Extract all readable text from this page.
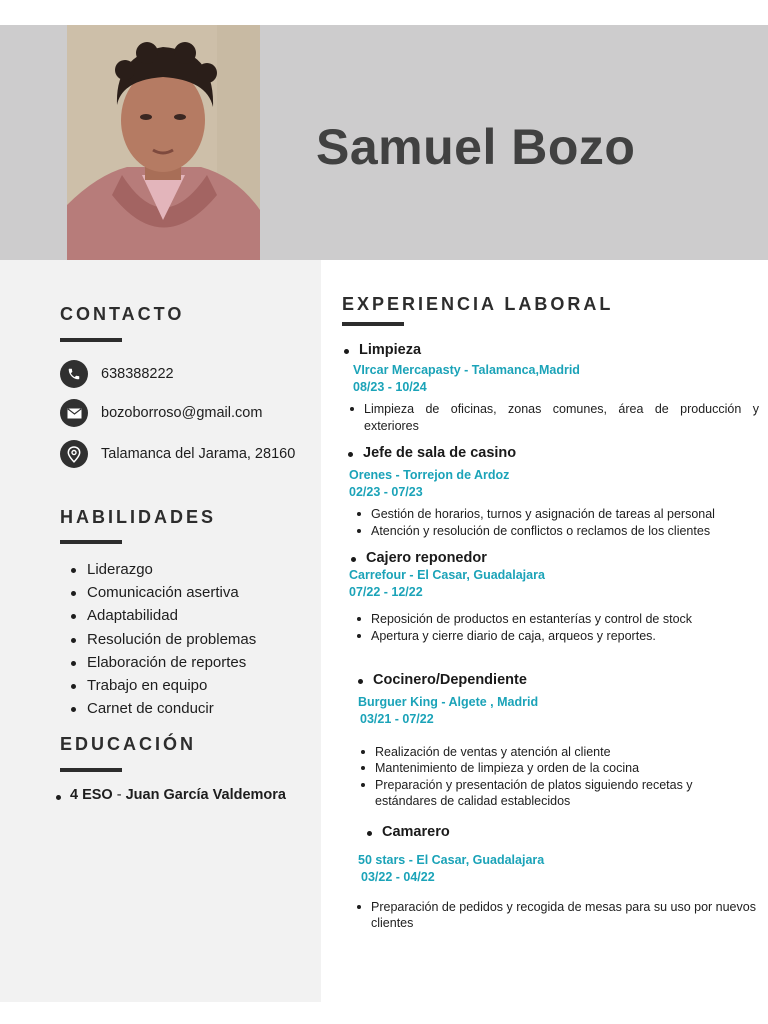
Samuel Bozo
CONTACTO
638388222
bozoborroso@gmail.com
Talamanca del Jarama, 28160
HABILIDADES
Liderazgo
Comunicación asertiva
Adaptabilidad
Resolución de problemas
Elaboración de reportes
Trabajo en equipo
Carnet de conducir
EDUCACIÓN
4 ESO - Juan García Valdemora
EXPERIENCIA LABORAL
Limpieza
VIrcar Mercapasty - Talamanca,Madrid
08/23 - 10/24
Limpieza de oficinas, zonas comunes, área de producción y
exteriores
Jefe de sala de casino
Orenes - Torrejon de Ardoz
02/23 - 07/23
Gestión de horarios, turnos y asignación de tareas al personal
Atención y resolución de conflictos o reclamos de los clientes
Cajero reponedor
Carrefour - El Casar, Guadalajara
07/22 - 12/22
Reposición de productos en estanterías y control de stock
Apertura y cierre diario de caja, arqueos y reportes.
Cocinero/Dependiente
Burguer King - Algete , Madrid
03/21 - 07/22
Realización de ventas y atención al cliente
Mantenimiento de limpieza y orden de la cocina
Preparación y presentación de platos siguiendo recetas y estándares de calidad establecidos
Camarero
50 stars - El Casar, Guadalajara
03/22 - 04/22
Preparación de pedidos y recogida de mesas para su uso por nuevos clientes
